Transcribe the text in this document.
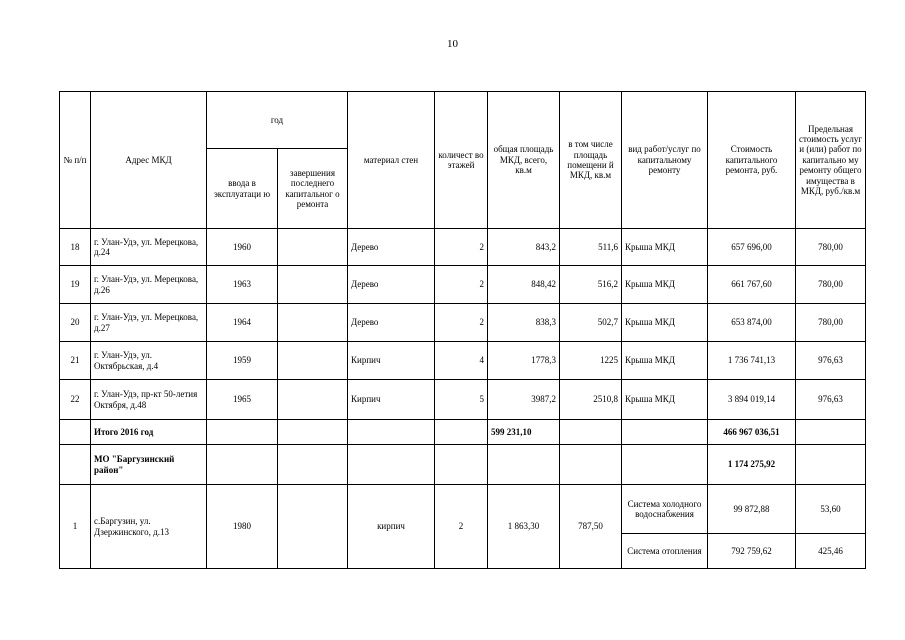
10
№ п/п	Адрес МКД	год		материал стен	количест во этажей	общая площадь МКД, всего, кв.м	в том числе площадь помещени й МКД, кв.м	вид работ/услуг по капитальному ремонту	Стоимость капитального ремонта, руб.	Предельная стоимость услуг и (или) работ по капитально му ремонту общего имущества в МКД, руб./кв.м
		ввода в эксплуатаци ю	завершения последнего капитальног о ремонта							
18	г. Улан-Удэ, ул. Мерецкова, д.24	1960		Дерево	2	843,2	511,6	Крыша МКД	657 696,00	780,00
19	г. Улан-Удэ, ул. Мерецкова, д.26	1963		Дерево	2	848,42	516,2	Крыша МКД	661 767,60	780,00
20	г. Улан-Удэ, ул. Мерецкова, д.27	1964		Дерево	2	838,3	502,7	Крыша МКД	653 874,00	780,00
21	г. Улан-Удэ, ул. Октябрьская, д.4	1959		Кирпич	4	1778,3	1225	Крыша МКД	1 736 741,13	976,63
22	г. Улан-Удэ, пр-кт 50-летия Октября, д.48	1965		Кирпич	5	3987,2	2510,8	Крыша МКД	3 894 019,14	976,63
	Итого 2016 год					599 231,10			466 967 036,51	
	МО "Баргузинский район"								1 174 275,92	
1	с.Баргузин, ул. Дзержинского, д.13	1980		кирпич	2	1 863,30	787,50	Система холодного водоснабжения	99 872,88	53,60
								Система отопления	792 759,62	425,46
